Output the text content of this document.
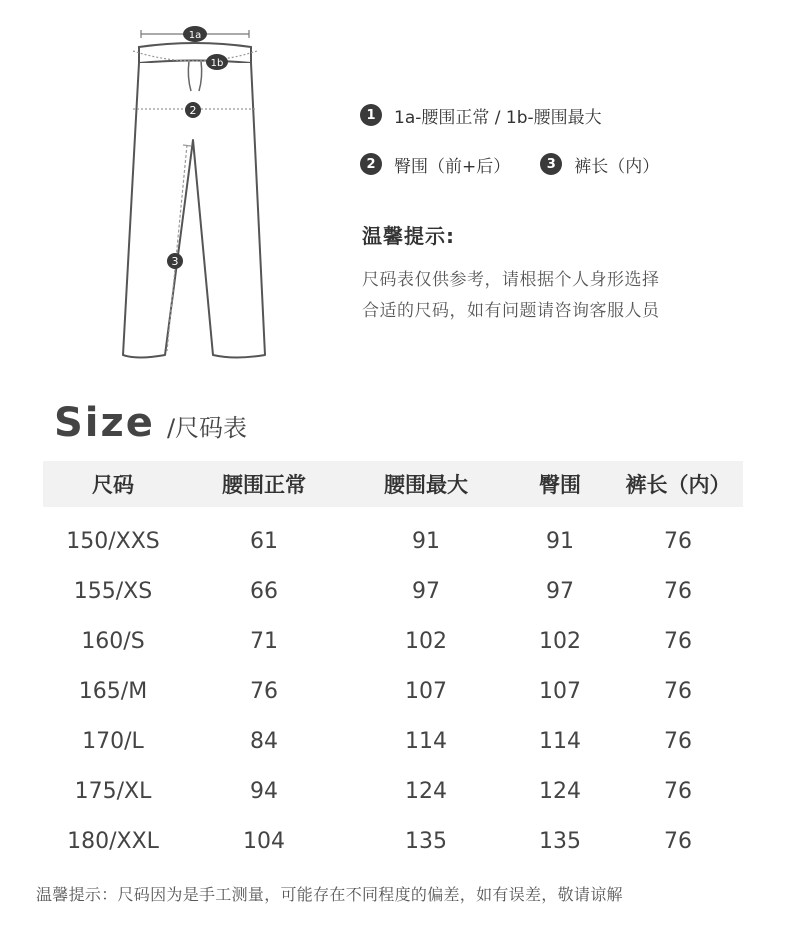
1a
1b
2
3
1	1a-腰围正常 / 1b-腰围最大
2	臀围（前+后）	3	裤长（内）
温馨提示:
尺码表仅供参考，请根据个人身形选择
合适的尺码，如有问题请咨询客服人员
Size /尺码表
尺码	腰围正常	腰围最大	臀围	裤长（内）
150/XXS	61	91	91	76
155/XS	66	97	97	76
160/S	71	102	102	76
165/M	76	107	107	76
170/L	84	114	114	76
175/XL	94	124	124	76
180/XXL	104	135	135	76
温馨提示：尺码因为是手工测量，可能存在不同程度的偏差，如有误差，敬请谅解
